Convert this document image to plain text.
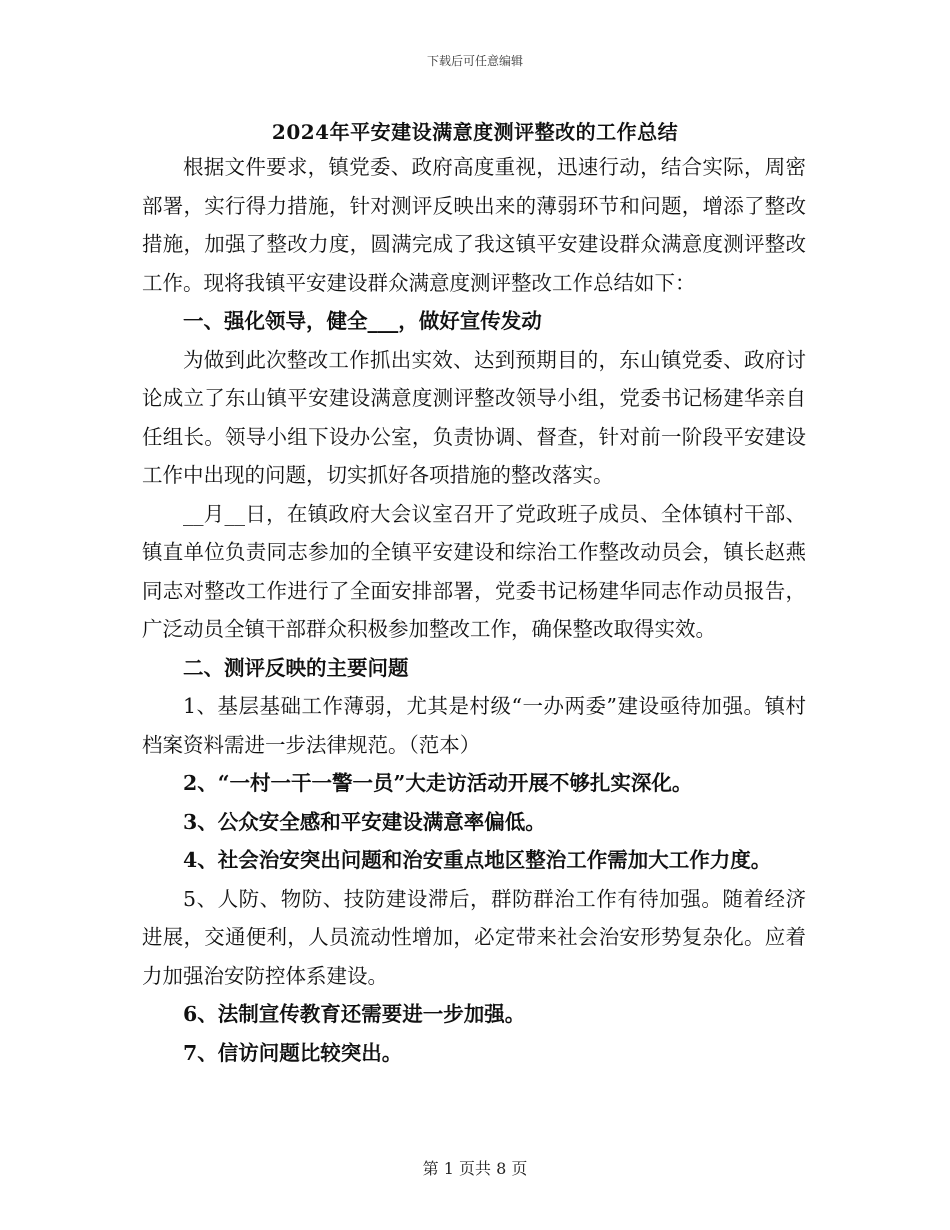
下载后可任意编辑
2024年平安建设满意度测评整改的工作总结

根据文件要求，镇党委、政府高度重视，迅速行动，结合实际，周密部署，实行得力措施，针对测评反映出来的薄弱环节和问题，增添了整改措施，加强了整改力度，圆满完成了我这镇平安建设群众满意度测评整改工作。现将我镇平安建设群众满意度测评整改工作总结如下：

一、强化领导，健全___，做好宣传发动

为做到此次整改工作抓出实效、达到预期目的，东山镇党委、政府讨论成立了东山镇平安建设满意度测评整改领导小组，党委书记杨建华亲自任组长。领导小组下设办公室，负责协调、督查，针对前一阶段平安建设工作中出现的问题，切实抓好各项措施的整改落实。

__月__日，在镇政府大会议室召开了党政班子成员、全体镇村干部、镇直单位负责同志参加的全镇平安建设和综治工作整改动员会，镇长赵燕同志对整改工作进行了全面安排部署，党委书记杨建华同志作动员报告，广泛动员全镇干部群众积极参加整改工作，确保整改取得实效。

二、测评反映的主要问题

1、基层基础工作薄弱，尤其是村级“一办两委”建设亟待加强。镇村档案资料需进一步法律规范。（范本）

2、“一村一干一警一员”大走访活动开展不够扎实深化。

3、公众安全感和平安建设满意率偏低。

4、社会治安突出问题和治安重点地区整治工作需加大工作力度。

5、人防、物防、技防建设滞后，群防群治工作有待加强。随着经济进展，交通便利，人员流动性增加，必定带来社会治安形势复杂化。应着力加强治安防控体系建设。

6、法制宣传教育还需要进一步加强。

7、信访问题比较突出。

第 1 页共 8 页
